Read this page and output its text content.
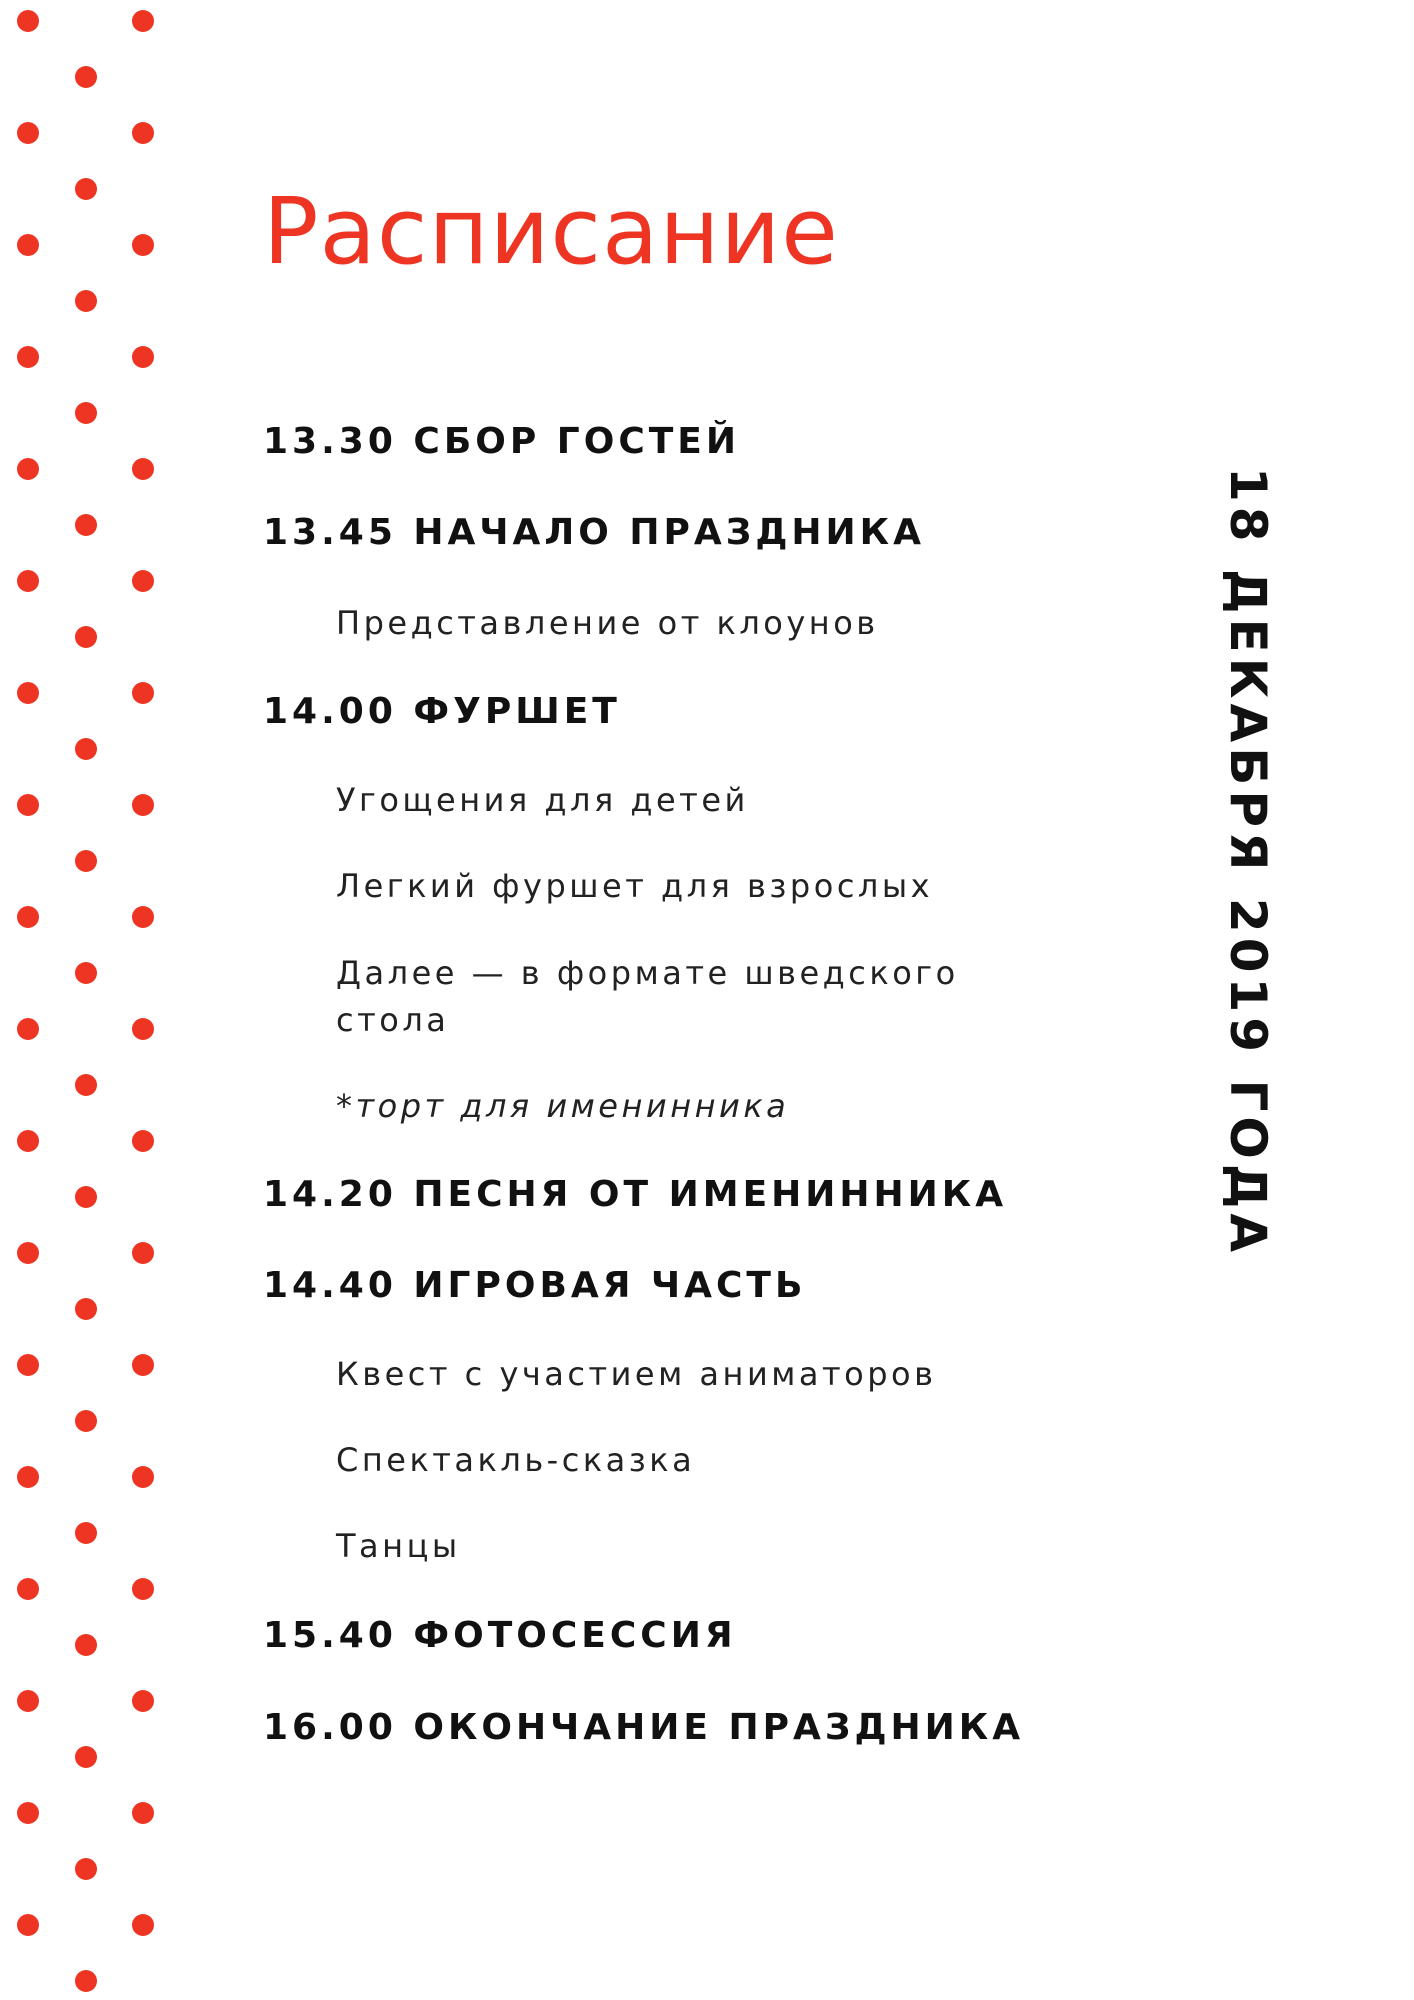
Расписание

13.30 СБОР ГОСТЕЙ

13.45 НАЧАЛО ПРАЗДНИКА

Представление от клоунов

14.00 ФУРШЕТ

Угощения для детей

Легкий фуршет для взрослых

Далее — в формате шведского

стола

*торт для именинника

14.20 ПЕСНЯ ОТ ИМЕНИННИКА

14.40 ИГРОВАЯ ЧАСТЬ

Квест с участием аниматоров

Спектакль-сказка

Танцы

15.40 ФОТОСЕССИЯ

16.00 ОКОНЧАНИЕ ПРАЗДНИКА

18 ДЕКАБРЯ 2019 ГОДА
